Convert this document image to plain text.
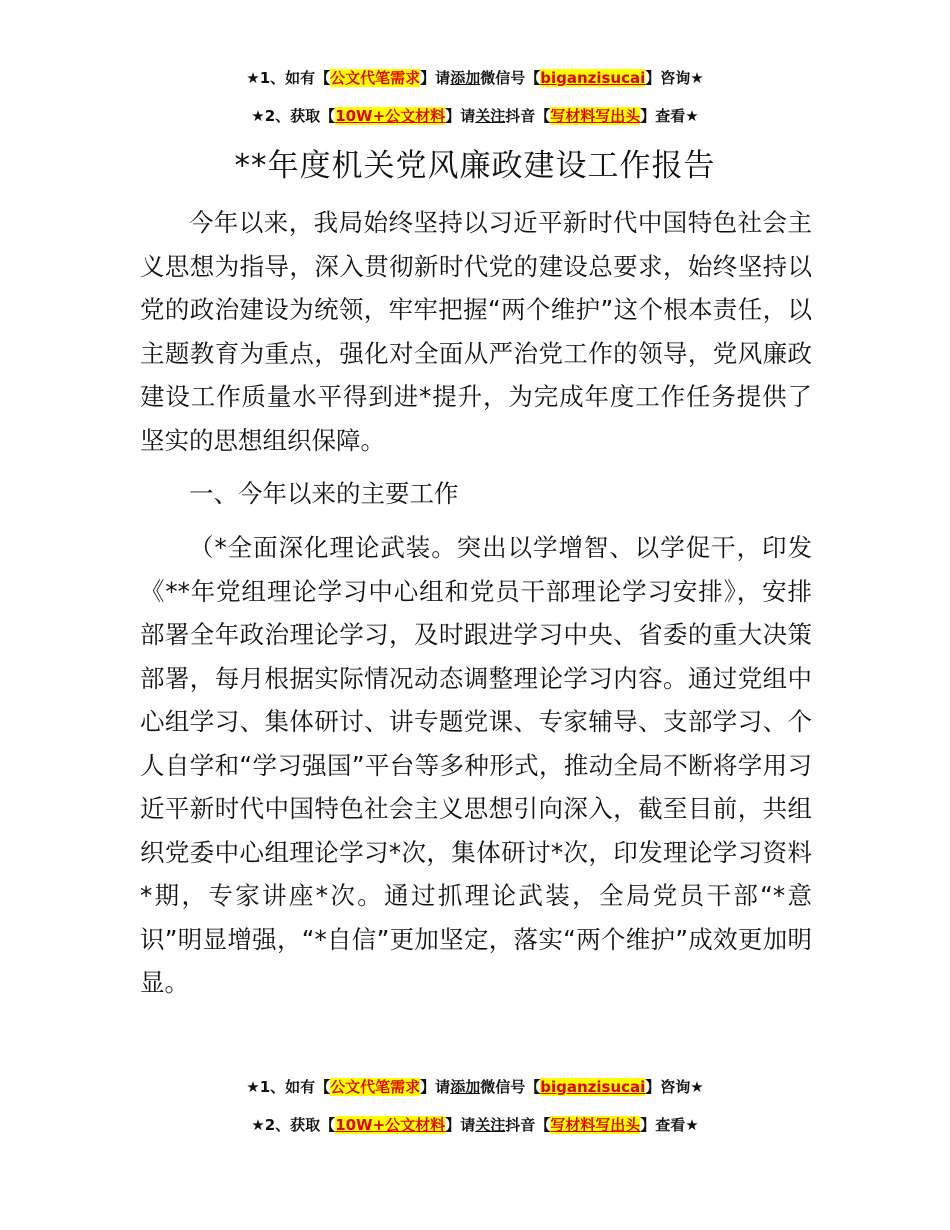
★1、如有【公文代笔需求】请添加微信号【biganzisucai】咨询★
★2、获取【10W+公文材料】请关注抖音【写材料写出头】查看★
**年度机关党风廉政建设工作报告

今年以来，我局始终坚持以习近平新时代中国特色社会主义思想为指导，深入贯彻新时代党的建设总要求，始终坚持以党的政治建设为统领，牢牢把握“两个维护”这个根本责任，以主题教育为重点，强化对全面从严治党工作的领导，党风廉政建设工作质量水平得到进*提升，为完成年度工作任务提供了坚实的思想组织保障。

一、今年以来的主要工作

（*全面深化理论武装。突出以学增智、以学促干，印发《**年党组理论学习中心组和党员干部理论学习安排》，安排部署全年政治理论学习，及时跟进学习中央、省委的重大决策部署，每月根据实际情况动态调整理论学习内容。通过党组中心组学习、集体研讨、讲专题党课、专家辅导、支部学习、个人自学和“学习强国”平台等多种形式，推动全局不断将学用习近平新时代中国特色社会主义思想引向深入，截至目前，共组织党委中心组理论学习*次，集体研讨*次，印发理论学习资料*期，专家讲座*次。通过抓理论武装，全局党员干部“*意识”明显增强，“*自信”更加坚定，落实“两个维护”成效更加明显。

★1、如有【公文代笔需求】请添加微信号【biganzisucai】咨询★
★2、获取【10W+公文材料】请关注抖音【写材料写出头】查看★
